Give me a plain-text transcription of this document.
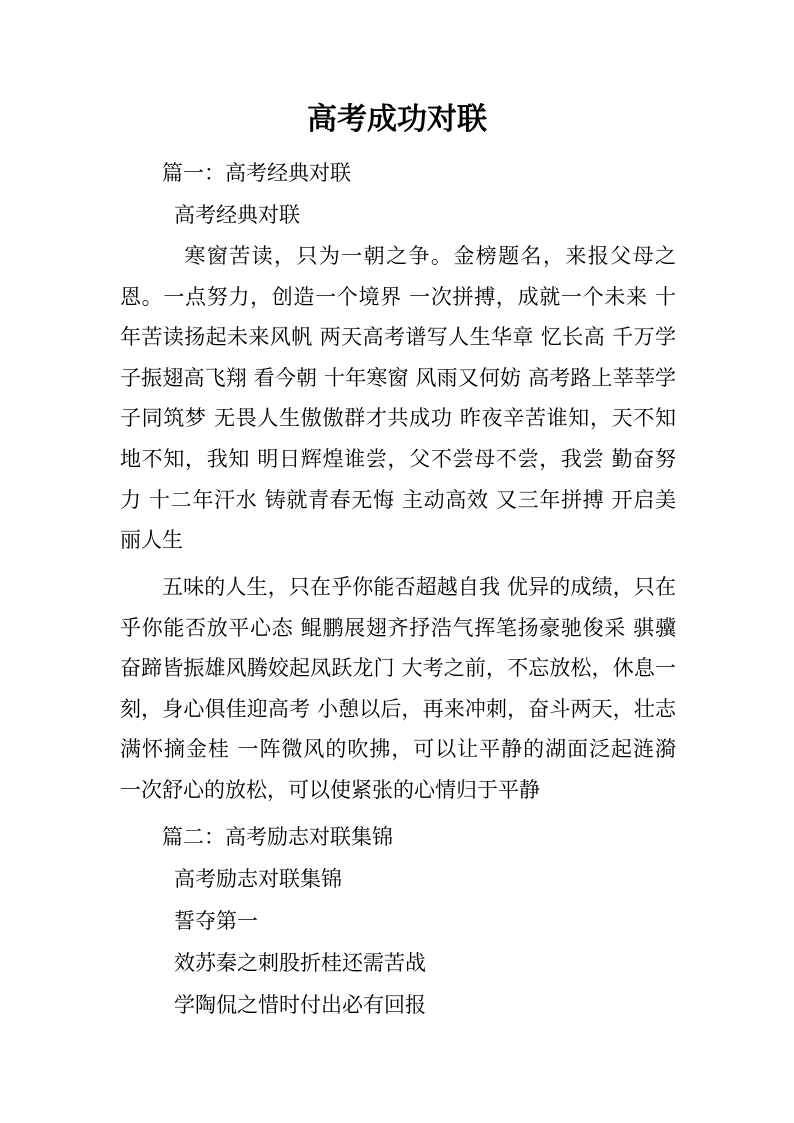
高考成功对联
篇一：高考经典对联
高考经典对联
　寒窗苦读，只为一朝之争。金榜题名，来报父母之恩。一点努力，创造一个境界 一次拼搏，成就一个未来 十年苦读扬起未来风帆 两天高考谱写人生华章 忆长高 千万学子振翅高飞翔 看今朝 十年寒窗 风雨又何妨 高考路上莘莘学子同筑梦 无畏人生傲傲群才共成功 昨夜辛苦谁知，天不知地不知，我知 明日辉煌谁尝，父不尝母不尝，我尝 勤奋努力 十二年汗水 铸就青春无悔 主动高效 又三年拼搏 开启美丽人生
五味的人生，只在乎你能否超越自我 优异的成绩，只在乎你能否放平心态 鲲鹏展翅齐抒浩气挥笔扬豪驰俊采 骐骥奋蹄皆振雄风腾姣起凤跃龙门 大考之前，不忘放松，休息一刻，身心俱佳迎高考 小憩以后，再来冲刺，奋斗两天，壮志满怀摘金桂 一阵微风的吹拂，可以让平静的湖面泛起涟漪 一次舒心的放松，可以使紧张的心情归于平静
篇二：高考励志对联集锦
高考励志对联集锦
誓夺第一
效苏秦之刺股折桂还需苦战
学陶侃之惜时付出必有回报
